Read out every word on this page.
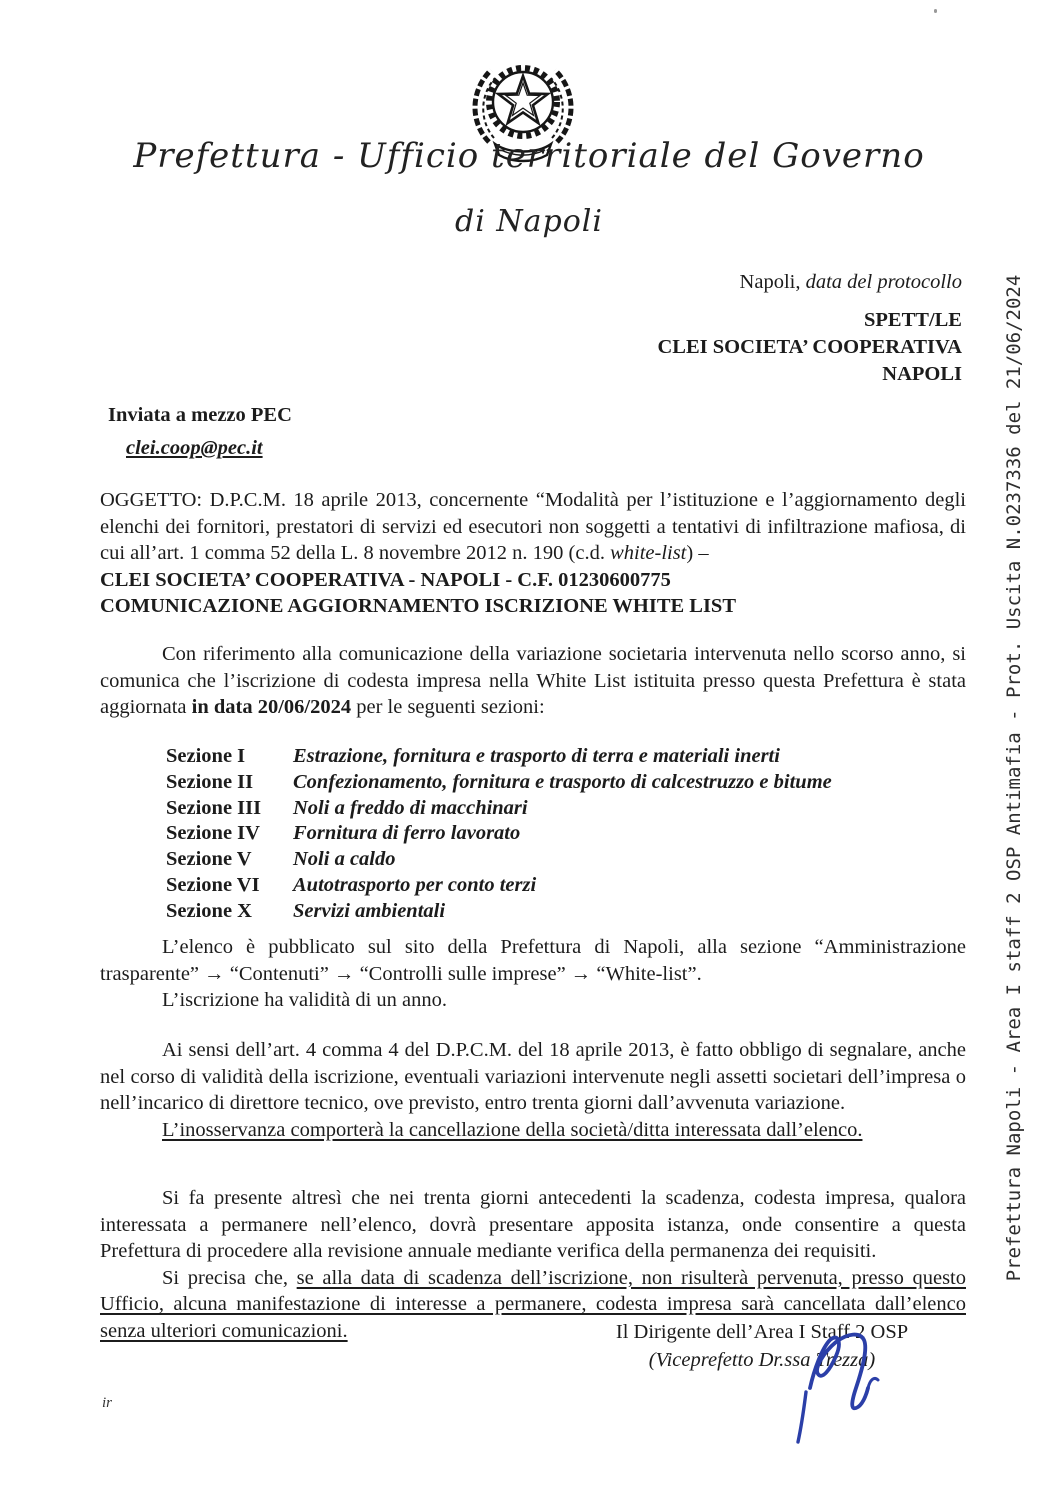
Prefettura - Ufficio territoriale del Governo
di Napoli
Napoli, data del protocollo
SPETT/LE
CLEI SOCIETA’ COOPERATIVA
NAPOLI
Inviata a mezzo PEC
clei.coop@pec.it

OGGETTO: D.P.C.M. 18 aprile 2013, concernente “Modalità per l’istituzione e l’aggiornamento degli elenchi dei fornitori, prestatori di servizi ed esecutori non soggetti a tentativi di infiltrazione mafiosa, di cui all’art. 1 comma 52 della L. 8 novembre 2012 n. 190 (c.d. white-list) –

CLEI SOCIETA’ COOPERATIVA - NAPOLI - C.F. 01230600775

COMUNICAZIONE AGGIORNAMENTO ISCRIZIONE WHITE LIST

Con riferimento alla comunicazione della variazione societaria intervenuta nello scorso anno, si comunica che l’iscrizione di codesta impresa nella White List istituita presso questa Prefettura è stata aggiornata in data 20/06/2024 per le seguenti sezioni:

Sezione I	Estrazione, fornitura e trasporto di terra e materiali inerti
Sezione II	Confezionamento, fornitura e trasporto di calcestruzzo e bitume
Sezione III	Noli a freddo di macchinari
Sezione IV	Fornitura di ferro lavorato
Sezione V	Noli a caldo
Sezione VI	Autotrasporto per conto terzi
Sezione X	Servizi ambientali

L’elenco è pubblicato sul sito della Prefettura di Napoli, alla sezione “Amministrazione trasparente” → “Contenuti” → “Controlli sulle imprese” → “White-list”.

L’iscrizione ha validità di un anno.

Ai sensi dell’art. 4 comma 4 del D.P.C.M. del 18 aprile 2013, è fatto obbligo di segnalare, anche nel corso di validità della iscrizione, eventuali variazioni intervenute negli assetti societari dell’impresa o nell’incarico di direttore tecnico, ove previsto, entro trenta giorni dall’avvenuta variazione.

L’inosservanza comporterà la cancellazione della società/ditta interessata dall’elenco.

Si fa presente altresì che nei trenta giorni antecedenti la scadenza, codesta impresa, qualora interessata a permanere nell’elenco, dovrà presentare apposita istanza, onde consentire a questa Prefettura di procedere alla revisione annuale mediante verifica della permanenza dei requisiti.

Si precisa che, se alla data di scadenza dell’iscrizione, non risulterà pervenuta, presso questo Ufficio, alcuna manifestazione di interesse a permanere, codesta impresa sarà cancellata dall’elenco senza ulteriori comunicazioni.	Il Dirigente dell’Area I Staff 2 OSP
(Viceprefetto Dr.ssa Trezza)
ir
Prefettura Napoli - Area I staff 2 OSP Antimafia - Prot. Uscita N.0237336 del 21/06/2024
